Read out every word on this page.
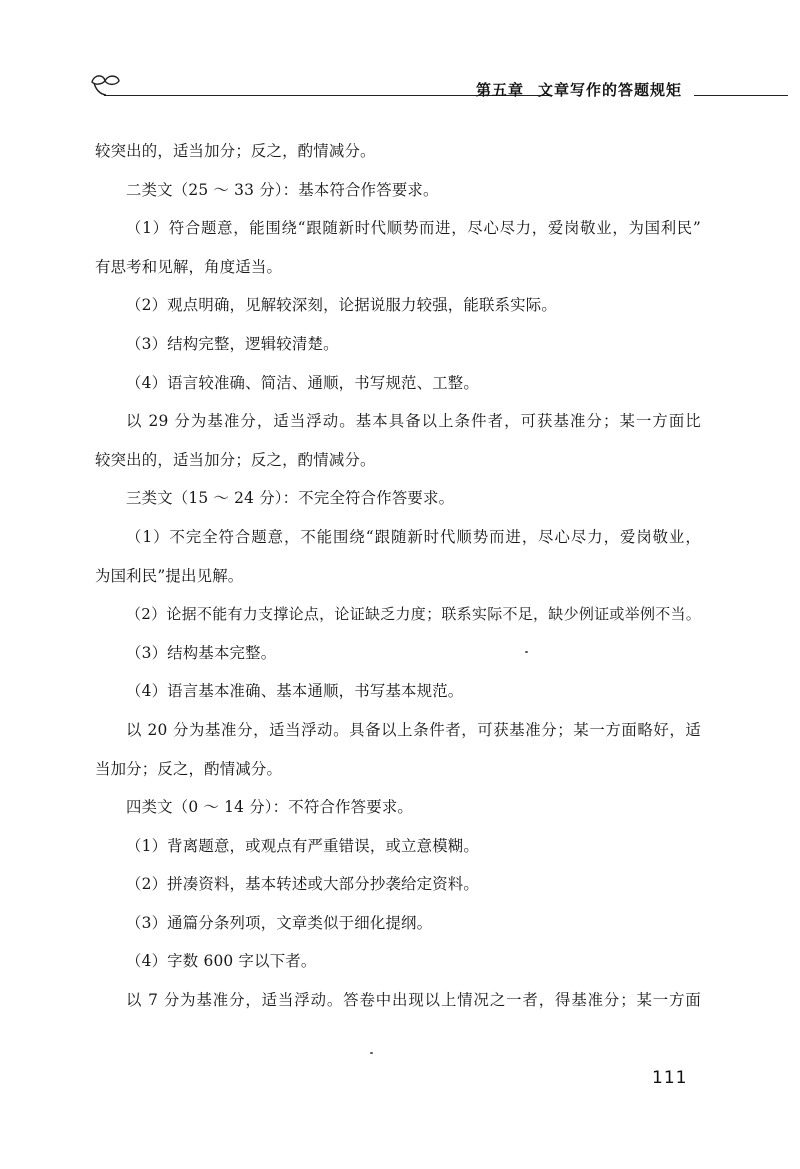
第五章 文章写作的答题规矩
较突出的，适当加分；反之，酌情减分。
二类文（25 ～ 33 分）：基本符合作答要求。
（1）符合题意，能围绕“跟随新时代顺势而进，尽心尽力，爱岗敬业，为国利民”
有思考和见解，角度适当。
（2）观点明确，见解较深刻，论据说服力较强，能联系实际。
（3）结构完整，逻辑较清楚。
（4）语言较准确、简洁、通顺，书写规范、工整。
以 29 分为基准分，适当浮动。基本具备以上条件者，可获基准分；某一方面比
较突出的，适当加分；反之，酌情减分。
三类文（15 ～ 24 分）：不完全符合作答要求。
（1）不完全符合题意，不能围绕“跟随新时代顺势而进，尽心尽力，爱岗敬业，
为国利民”提出见解。
（2）论据不能有力支撑论点，论证缺乏力度；联系实际不足，缺少例证或举例不当。
（3）结构基本完整。
（4）语言基本准确、基本通顺，书写基本规范。
以 20 分为基准分，适当浮动。具备以上条件者，可获基准分；某一方面略好，适
当加分；反之，酌情减分。
四类文（0 ～ 14 分）：不符合作答要求。
（1）背离题意，或观点有严重错误，或立意模糊。
（2）拼凑资料，基本转述或大部分抄袭给定资料。
（3）通篇分条列项，文章类似于细化提纲。
（4）字数 600 字以下者。
以 7 分为基准分，适当浮动。答卷中出现以上情况之一者，得基准分；某一方面
111
